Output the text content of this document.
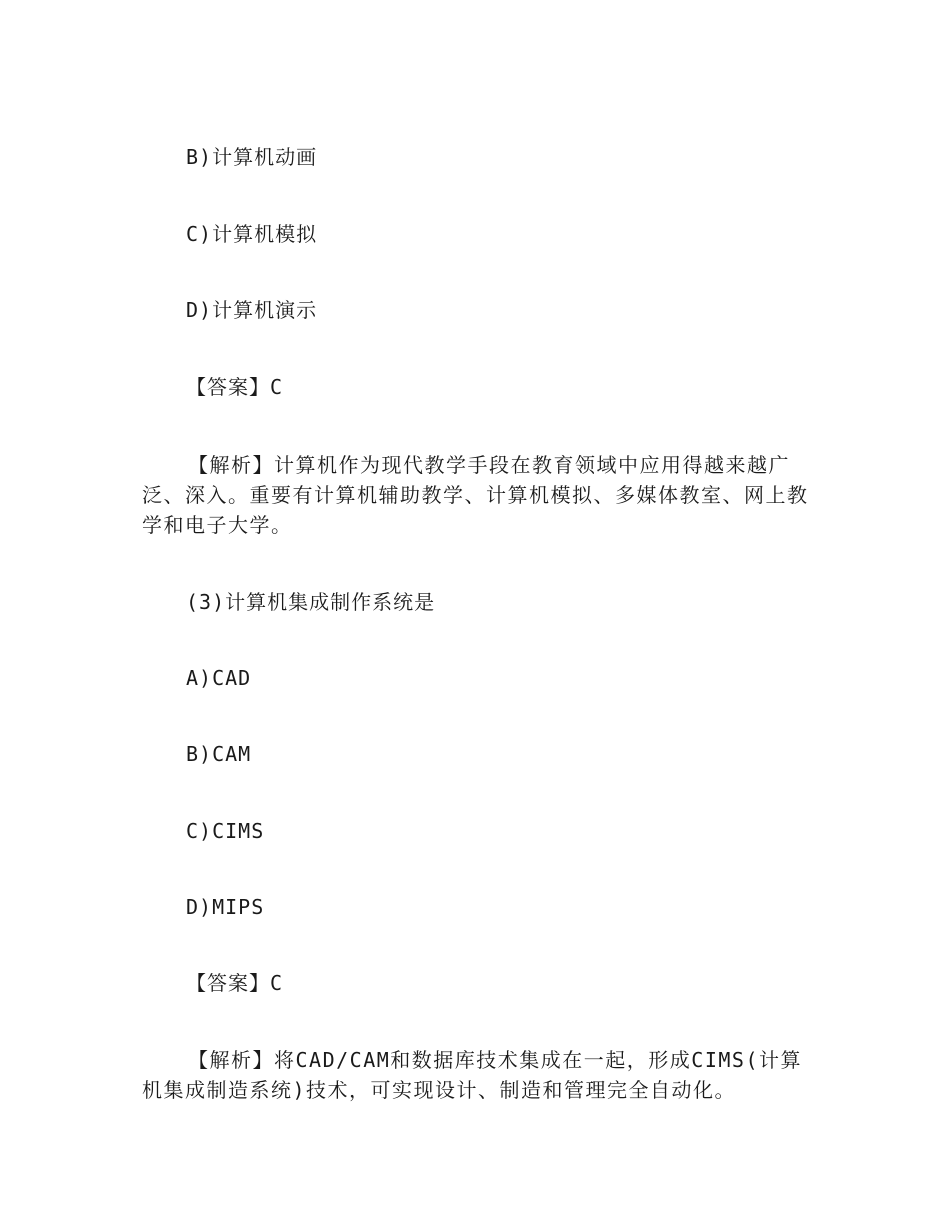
B)计算机动画
C)计算机模拟
D)计算机演示
【答案】C
【解析】计算机作为现代教学手段在教育领域中应用得越来越广泛、深入。重要有计算机辅助教学、计算机模拟、多媒体教室、网上教学和电子大学。
(3)计算机集成制作系统是
A)CAD
B)CAM
C)CIMS
D)MIPS
【答案】C
【解析】将CAD/CAM和数据库技术集成在一起，形成CIMS(计算机集成制造系统)技术，可实现设计、制造和管理完全自动化。
